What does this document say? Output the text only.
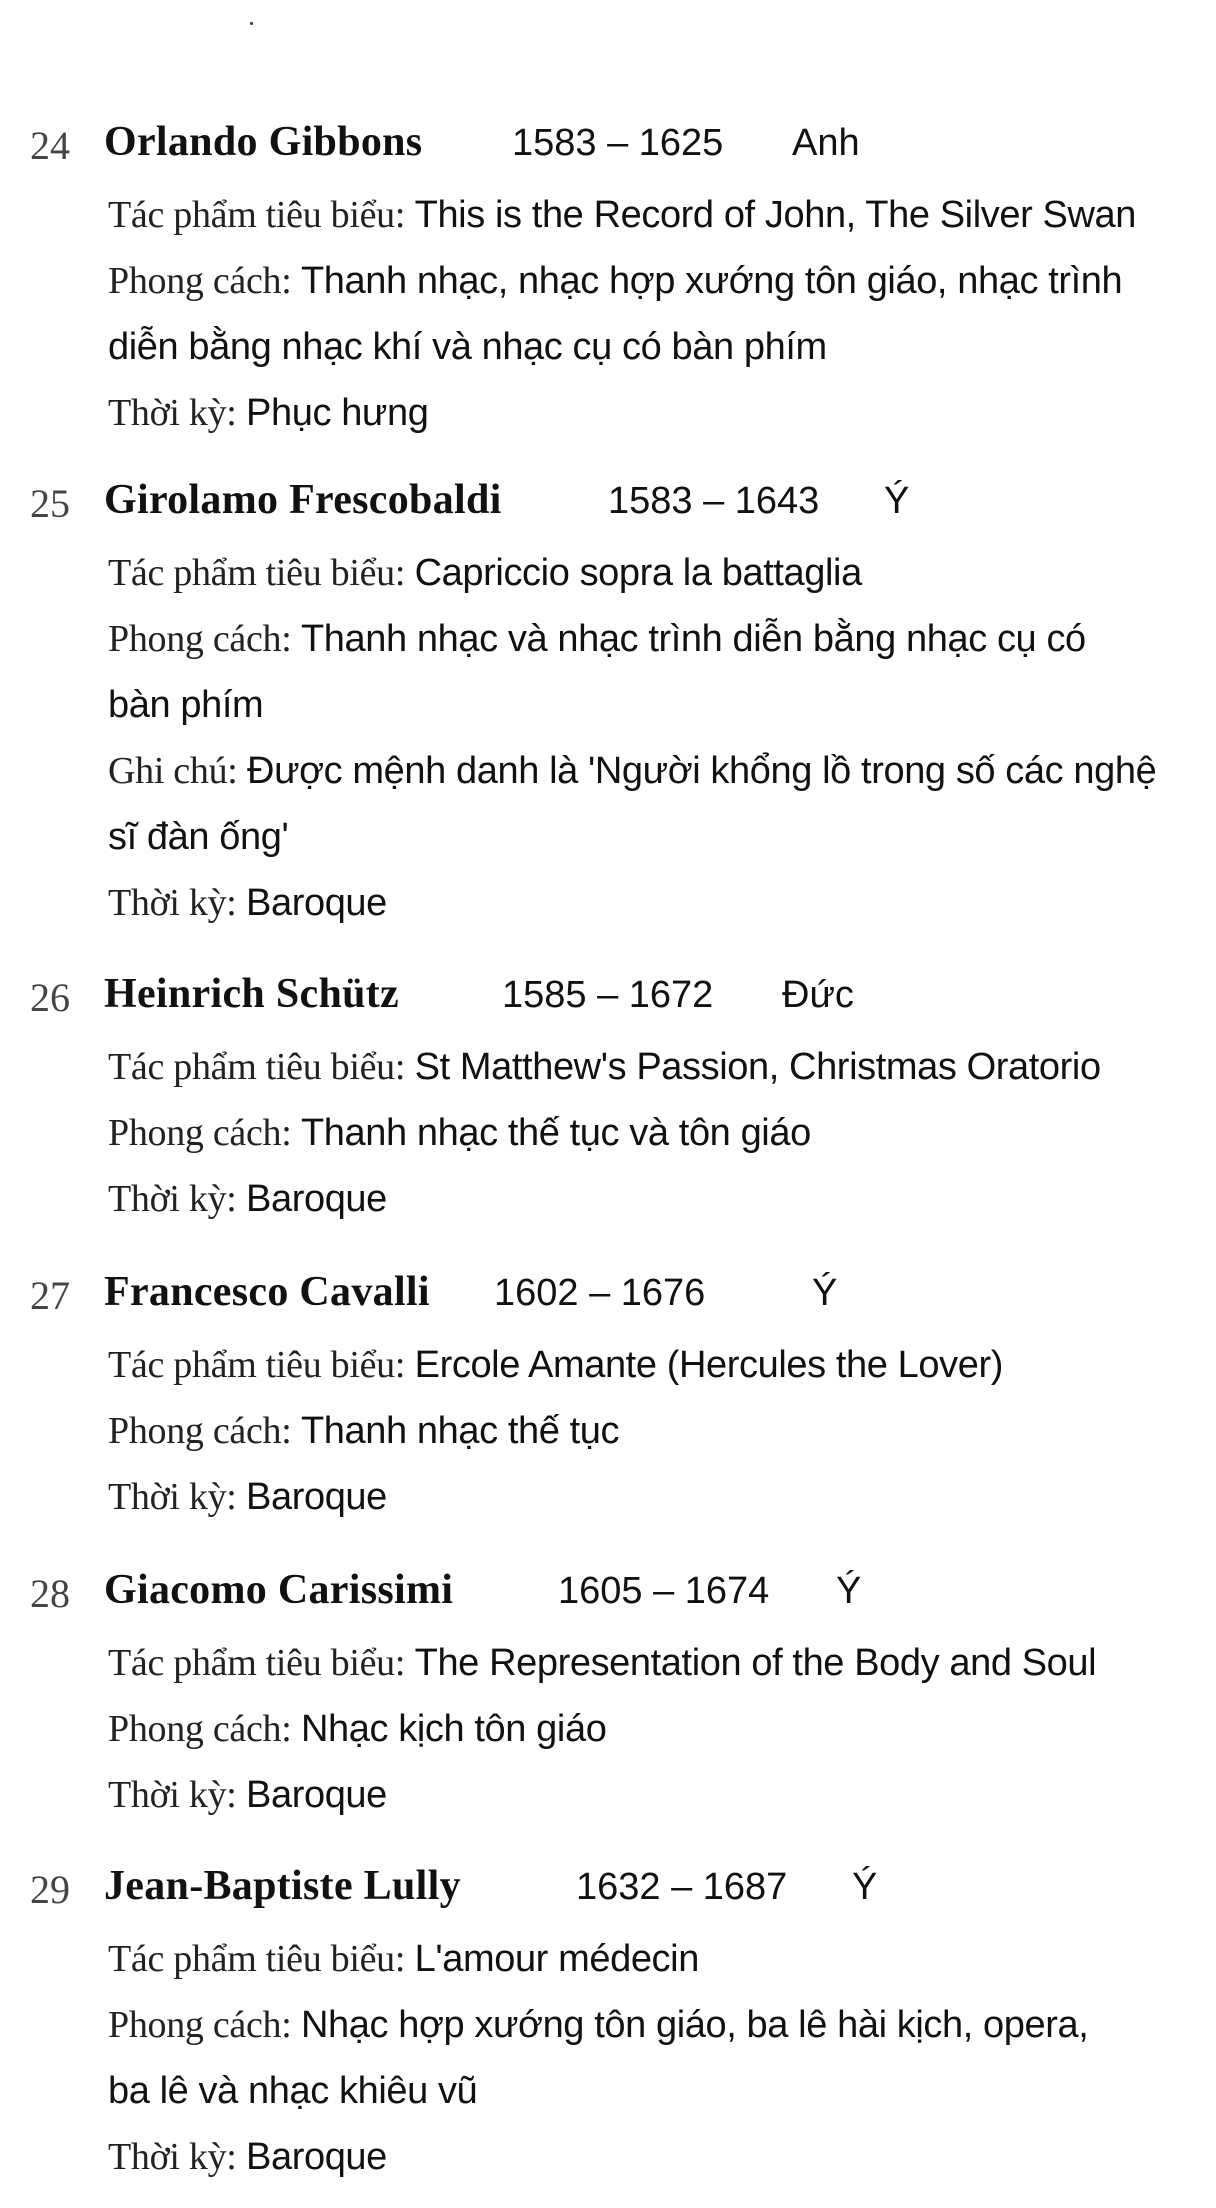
24 Orlando Gibbons 1583 – 1625 Anh
Tác phẩm tiêu biểu: This is the Record of John, The Silver Swan
Phong cách: Thanh nhạc, nhạc hợp xướng tôn giáo, nhạc trình
diễn bằng nhạc khí và nhạc cụ có bàn phím
Thời kỳ: Phục hưng
25 Girolamo Frescobaldi	1583 – 1643 Ý
Tác phẩm tiêu biểu: Capriccio sopra la battaglia
Phong cách: Thanh nhạc và nhạc trình diễn bằng nhạc cụ có
bàn phím
Ghi chú: Được mệnh danh là 'Người khổng lồ trong số các nghệ
sĩ đàn ống'
Thời kỳ: Baroque
26 Heinrich Schütz	1585 – 1672 Đức
Tác phẩm tiêu biểu: St Matthew's Passion, Christmas Oratorio
Phong cách: Thanh nhạc thế tục và tôn giáo
Thời kỳ: Baroque
27 Francesco Cavalli 1602 – 1676	Ý
Tác phẩm tiêu biểu: Ercole Amante (Hercules the Lover)
Phong cách: Thanh nhạc thế tục
Thời kỳ: Baroque
28 Giacomo Carissimi	1605 – 1674 Ý
Tác phẩm tiêu biểu: The Representation of the Body and Soul
Phong cách: Nhạc kịch tôn giáo
Thời kỳ: Baroque
29 Jean-Baptiste Lully	1632 – 1687 Ý
Tác phẩm tiêu biểu: L'amour médecin
Phong cách: Nhạc hợp xướng tôn giáo, ba lê hài kịch, opera,
ba lê và nhạc khiêu vũ
Thời kỳ: Baroque
